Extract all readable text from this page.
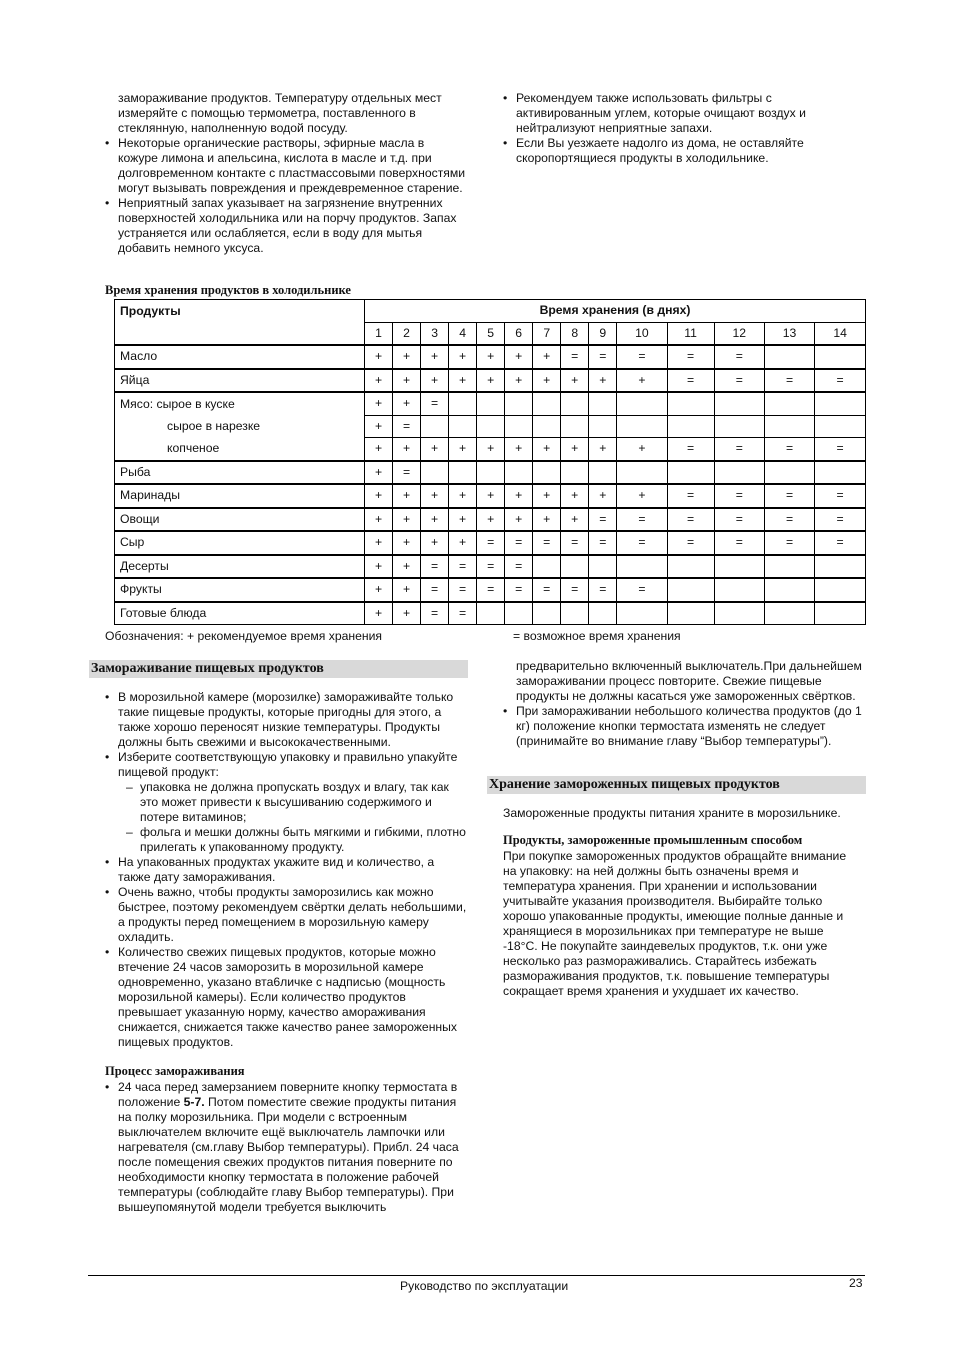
замораживание продуктов. Температуру отдельных мест измеряйте с помощью термометра, поставленного в стеклянную, наполненную водой посуду.
• Некоторые органические растворы, эфирные масла в кожуре лимона и апельсина, кислота в масле и т.д. при долговременном контакте с пластмассовыми поверхностями могут вызывать повреждения и преждевременное старение.
• Неприятный запах указывает на загрязнение внутренних поверхностей холодильника или на порчу продуктов. Запах устраняется или ослабляется, если в воду для мытья добавить немного уксуса.
• Рекомендуем также использовать фильтры с активированным углем, которые очищают воздух и нейтрализуют неприятные запахи.
• Если Вы уезжаете надолго из дома, не оставляйте скоропортящиеся продукты в холодильнике.
Время хранения продуктов в холодильнике
Продукты	Время хранения (в днях)													
	1	2	3	4	5	6	7	8	9	10	11	12	13	14
Масло	+	+	+	+	+	+	+	=	=	=	=	=		
Яйца	+	+	+	+	+	+	+	+	+	+	=	=	=	=
Мясо: сырое в куске	+	+	=											
сырое в нарезке	+	=												
копченое	+	+	+	+	+	+	+	+	+	+	=	=	=	=
Рыба	+	=												
Маринады	+	+	+	+	+	+	+	+	+	+	=	=	=	=
Овощи	+	+	+	+	+	+	+	+	=	=	=	=	=	=
Сыр	+	+	+	+	=	=	=	=	=	=	=	=	=	=
Десерты	+	+	=	=	=	=								
Фрукты	+	+	=	=	=	=	=	=	=	=				
Готовые блюда	+	+	=	=										
Обозначения: + рекомендуемое время хранения	= возможное время хранения
Замораживание пищевых продуктов
• В морозильной камере (морозилке) замораживайте только такие пищевые продукты, которые пригодны для этого, а также хорошо переносят низкие температуры. Продукты должны быть свежими и высококачественными.
• Изберите соответствующую упаковку и правильно упакуйте пищевой продукт:
– упаковка не должна пропускать воздух и влагу, так как это может привести к высушиванию содержимого и потере витаминов;
– фольга и мешки должны быть мягкими и гибкими, плотно прилегать к упакованному продукту.
• На упакованных продуктах укажите вид и количество, а также дату замораживания.
• Очень важно, чтобы продукты заморозились как можно быстрее, поэтому рекомендуем свёртки делать небольшими, а продукты перед помещением в морозильную камеру охладить.
• Количество свежих пищевых продуктов, которые можно втечение 24 часов заморозить в морозильной камере одновременно, указано вта6личке с надписью (мощность морозильной камеры). Если количество продуктов превышает указанную норму, качество амораживания снижается, снижается также качество ранее замороженных пищевых продуктов.
Процесс замораживания
• 24 часа перед замерзанием поверните кнопку термостата в положение 5-7. Потом поместите свежие продукты питания на полку морозильника. При модели с встроенным выключателем включите ещё выключатель лампочки или нагревателя (см.главу Выбор температуры). Прибл. 24 часа после помещения свежих продуктов питания поверните по необходимости кнопку термостата в положение рабочей температуры (соблюдайте главу Выбор температуры). При вышеупомянутой модели требуется выключить
предварительно включенный выключатель.При дальнейшем замораживании процесс повторите. Свежие пищевые продукты не должны касаться уже замороженных свёртков.
• При замораживании небольшого количества продуктов (до 1 кг) положение кнопки термостата изменять не следует (принимайте во внимание главу “Выбор температуры”).
Хранение замороженных пищевых продуктов
Замороженные продукты питания храните в морозильнике.
Продукты, замороженные промышленным способом
При покупке замороженных продуктов обращайте внимание на упаковку: на ней должны быть означены время и температура хранения. При хранении и использовании учитывайте указания производителя. Выбирайте только хорошо упакованные продукты, имеющие полные данные и хранящиеся в морозильниках при температуре не выше -18°С. Не покупайте заиндевелых продуктов, т.к. они уже несколько раз размораживались. Старайтесь избежать размораживания продуктов, т.к. повышение температуры сокращает время хранения и ухудшает их качество.
Руководство по эксплуатации	23
